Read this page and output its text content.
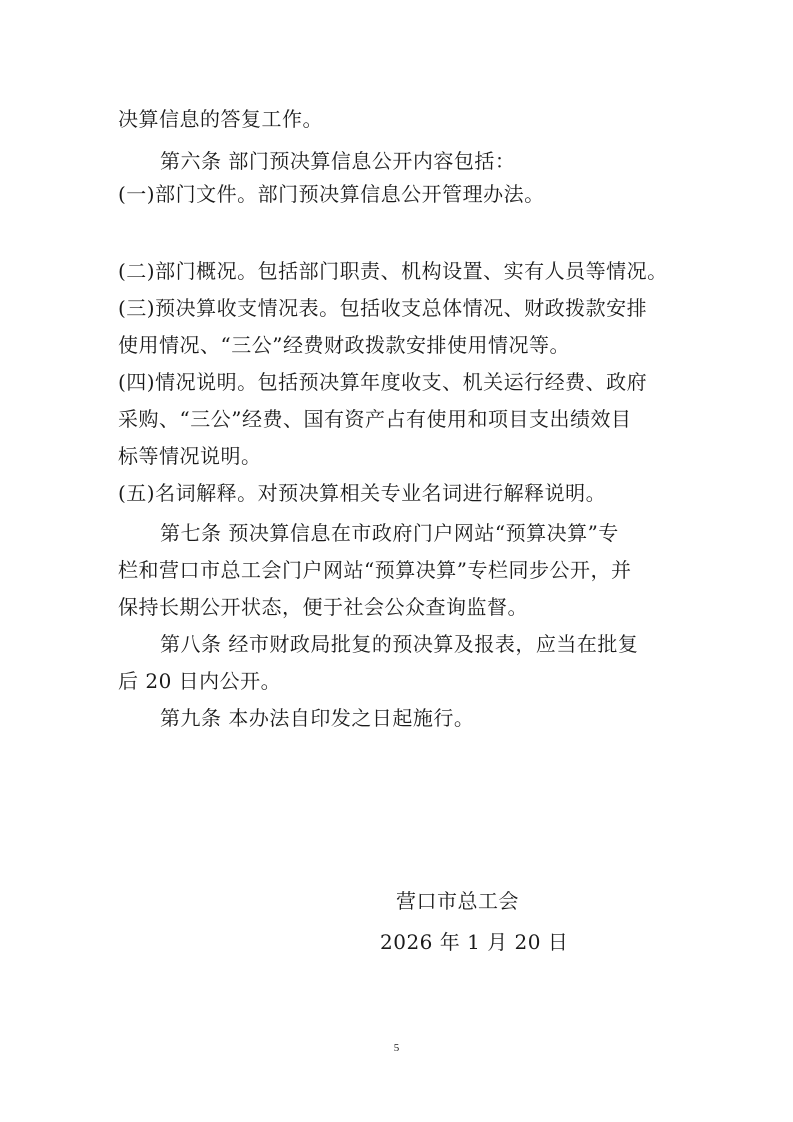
决算信息的答复工作。
第六条 部门预决算信息公开内容包括：
(一)部门文件。部门预决算信息公开管理办法。
(二)部门概况。包括部门职责、机构设置、实有人员等情况。
(三)预决算收支情况表。包括收支总体情况、财政拨款安排
使用情况、“三公”经费财政拨款安排使用情况等。
(四)情况说明。包括预决算年度收支、机关运行经费、政府
采购、“三公”经费、国有资产占有使用和项目支出绩效目
标等情况说明。
(五)名词解释。对预决算相关专业名词进行解释说明。
第七条 预决算信息在市政府门户网站“预算决算”专
栏和营口市总工会门户网站“预算决算”专栏同步公开，并
保持长期公开状态，便于社会公众查询监督。
第八条 经市财政局批复的预决算及报表，应当在批复
后 20 日内公开。
第九条 本办法自印发之日起施行。
营口市总工会
2026 年 1 月 20 日
5
